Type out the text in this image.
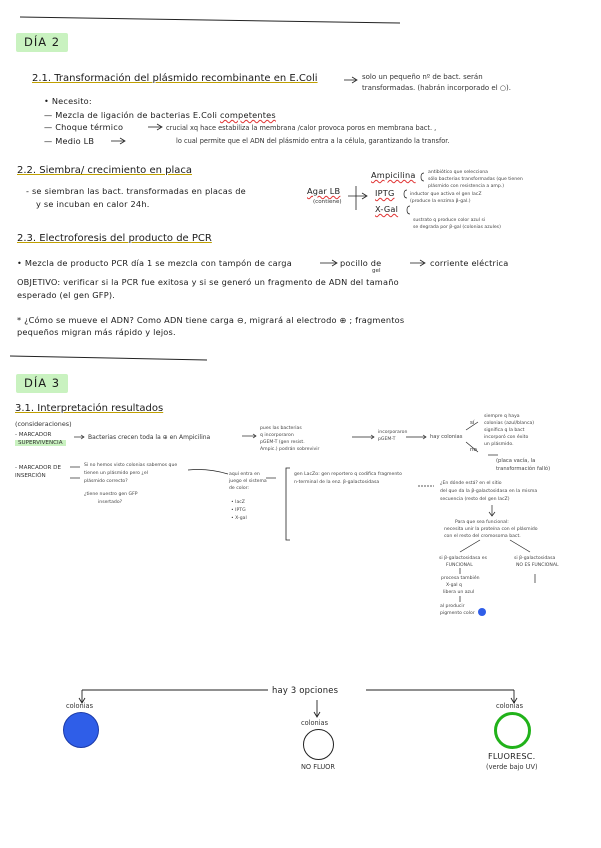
DÍA 2
2.1. Transformación del plásmido recombinante en E.Coli	solo un pequeño nº de bact. serán
transformadas. (habrán incorporado el ○).
• Necesito:
— Mezcla de ligación de bacterias E.Coli competentes
— Choque térmico	crucial xq hace estabiliza la membrana /calor provoca poros en membrana bact. ,
lo cual permite que el ADN del plásmido entra a la célula, garantizando la transfor.
— Medio LB
2.2. Siembra/ crecimiento en placa
- se siembran las bact. transformadas en placas de
y se incuban en calor 24h.
Agar LB
(contiene)
Ampicilina	antibiótico que selecciona
sólo bacterias transformadas (que tienen
plásmido con resistencia a amp.)
IPTG	inductor que activa el gen lacZ
(produce la enzima β-gal.)
X-Gal
sustrato q produce color azul si
se degrada por β-gal (colonias azules)
2.3. Electroforesis del producto de PCR
• Mezcla de producto PCR día 1 se mezcla con tampón de carga	pocillo de
gel
corriente eléctrica
OBJETIVO: verificar si la PCR fue exitosa y si se generó un fragmento de ADN del tamaño
esperado (el gen GFP).
* ¿Cómo se mueve el ADN? Como ADN tiene carga ⊖, migrará al electrodo ⊕ ; fragmentos
pequeños migran más rápido y lejos.
DÍA 3
3.1. Interpretación resultados
(consideraciones)
- MARCADOR
SUPERVIVENCIA
Bacterias crecen toda la ⊕ en Ampicilina
pues las bacterias
q incorporaron
pGEM-T (gen resist.
Ampic.) podrán sobrevivir
incorporaron
pGEM-T	hay colonias
sí
no
siempre q haya
colonias (azul/blanca)
significa q la bact
incorporó con éxito
un plásmido.
(placa vacía, la
transformación falló)
- MARCADOR DE
INSERCIÓN
Si no hemos visto colonias sabemos que
tienen un plásmido pero ¿el
plásmido correcto?
¿tiene nuestro gen GFP
insertado?
aquí entra en
juego el sistema
de color:
• lacZ
• IPTG
• X-gal
gen LacZα: gen reportero q codifica fragmento
n-terminal de la enz. β-galactosidasa	¿En dónde está? en el sitio
del que da la β-galactosidasa en la misma
secuencia (resto del gen lacZ)
Para que sea funcional:
necesita unir la proteína con el plásmido
con el resto del cromosoma bact.
si β-galactosidasa es
FUNCIONAL
procesa también
X-gal q
libera un azul
al producir
pigmento color
si β-galactosidasa
NO ES FUNCIONAL
hay 3 opciones
colonias
colonias
NO FLUOR
colonias
FLUORESC.
(verde bajo UV)
